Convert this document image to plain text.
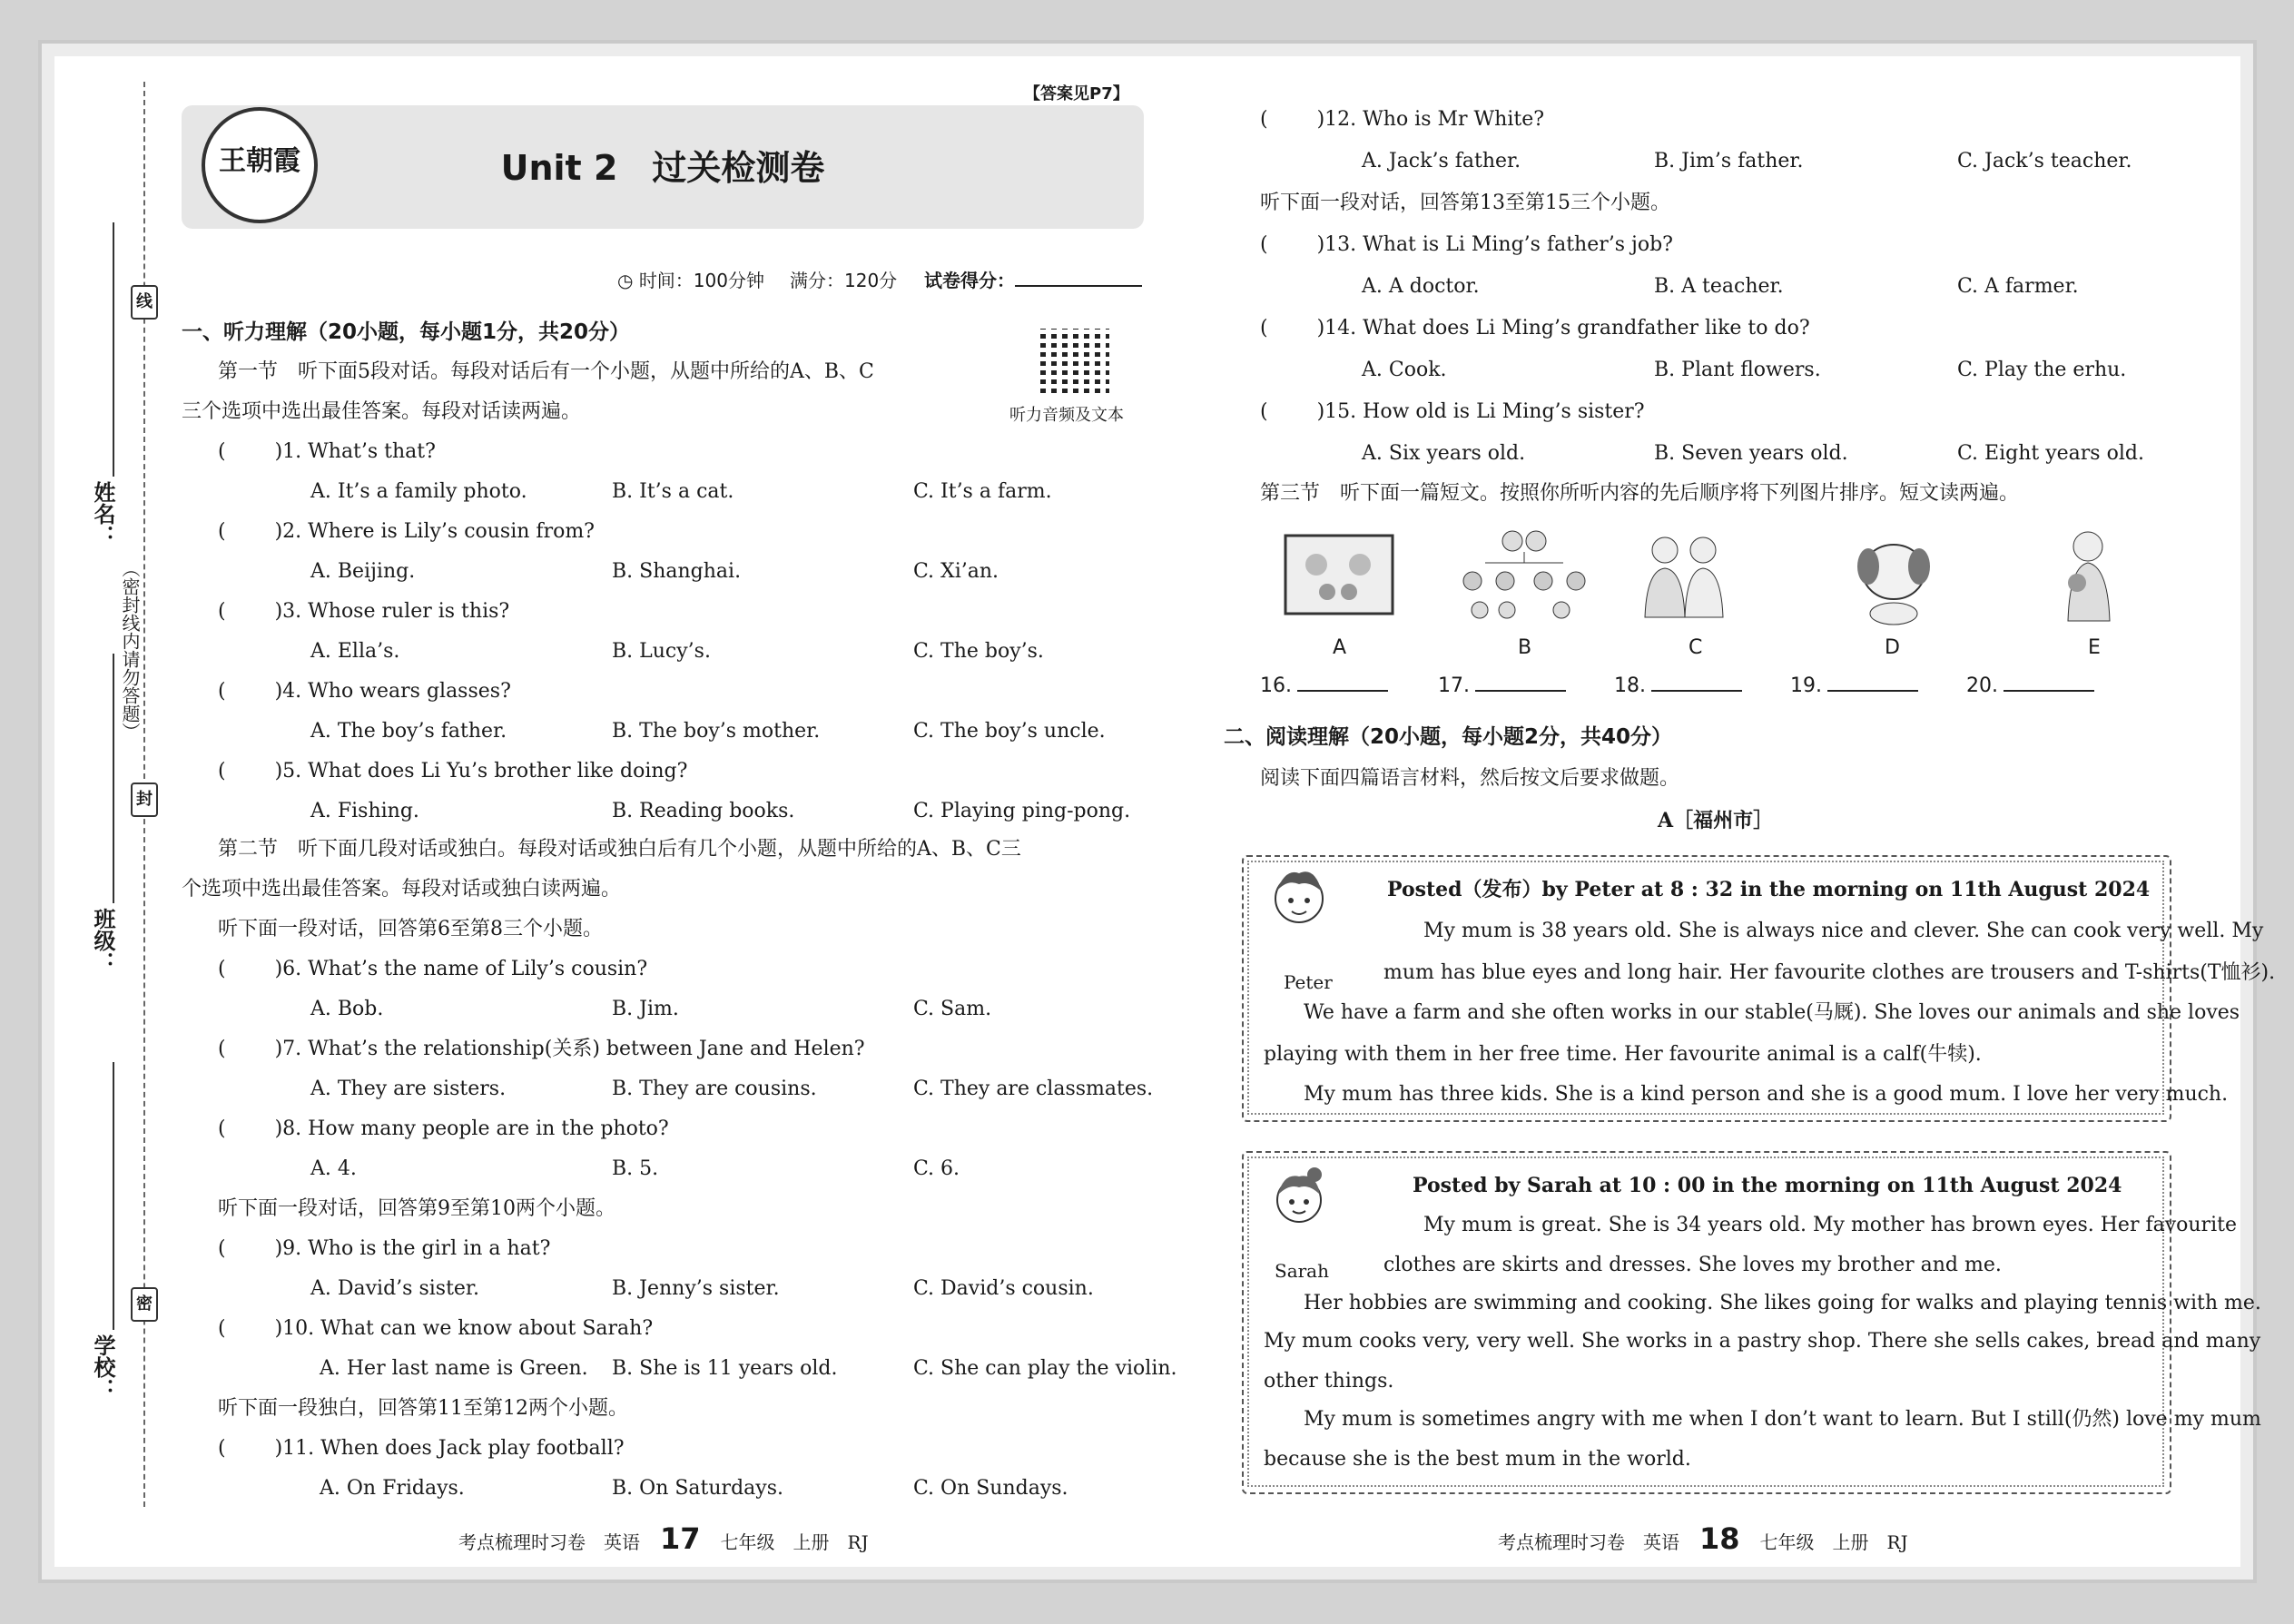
姓名：
班级：
学校：
线
封
密
（密封线内请勿答题）
【答案见P7】
Unit 2　过关检测卷
王朝霞
◷ 时间：100分钟 满分：120分 试卷得分：
一、听力理解（20小题，每小题1分，共20分）
听力音频及文本
第一节　听下面5段对话。每段对话后有一个小题，从题中所给的A、B、C
三个选项中选出最佳答案。每段对话读两遍。
( )1. What’s that?
A. It’s a family photo.	B. It’s a cat.	C. It’s a farm.
( )2. Where is Lily’s cousin from?
A. Beijing.	B. Shanghai.	C. Xi’an.
( )3. Whose ruler is this?
A. Ella’s.	B. Lucy’s.	C. The boy’s.
( )4. Who wears glasses?
A. The boy’s father.	B. The boy’s mother.	C. The boy’s uncle.
( )5. What does Li Yu’s brother like doing?
A. Fishing.	B. Reading books.	C. Playing ping-pong.
第二节　听下面几段对话或独白。每段对话或独白后有几个小题，从题中所给的A、B、C三
个选项中选出最佳答案。每段对话或独白读两遍。
听下面一段对话，回答第6至第8三个小题。
( )6. What’s the name of Lily’s cousin?
A. Bob.	B. Jim.	C. Sam.
( )7. What’s the relationship(关系) between Jane and Helen?
A. They are sisters.	B. They are cousins.	C. They are classmates.
( )8. How many people are in the photo?
A. 4.	B. 5.	C. 6.
听下面一段对话，回答第9至第10两个小题。
( )9. Who is the girl in a hat?
A. David’s sister.	B. Jenny’s sister.	C. David’s cousin.
( )10. What can we know about Sarah?
A. Her last name is Green. B. She is 11 years old.	C. She can play the violin.
听下面一段独白，回答第11至第12两个小题。
( )11. When does Jack play football?
A. On Fridays.	B. On Saturdays.	C. On Sundays.
考点梳理时习卷　英语 17 七年级　上册　RJ
( )12. Who is Mr White?
A. Jack’s father.	B. Jim’s father.	C. Jack’s teacher.
听下面一段对话，回答第13至第15三个小题。
( )13. What is Li Ming’s father’s job?
A. A doctor.	B. A teacher.	C. A farmer.
( )14. What does Li Ming’s grandfather like to do?
A. Cook.	B. Plant flowers.	C. Play the erhu.
( )15. How old is Li Ming’s sister?
A. Six years old.	B. Seven years old.	C. Eight years old.
第三节　听下面一篇短文。按照你所听内容的先后顺序将下列图片排序。短文读两遍。
A	B	C	D	E
16.	17.	18.	19.	20.
二、阅读理解（20小题，每小题2分，共40分）
阅读下面四篇语言材料，然后按文后要求做题。
A［福州市］
Peter
Posted（发布）by Peter at 8 : 32 in the morning on 11th August 2024
My mum is 38 years old. She is always nice and clever. She can cook very well. My
mum has blue eyes and long hair. Her favourite clothes are trousers and T-shirts(T恤衫).
We have a farm and she often works in our stable(马厩). She loves our animals and she loves
playing with them in her free time. Her favourite animal is a calf(牛犊).
My mum has three kids. She is a kind person and she is a good mum. I love her very much.
Sarah
Posted by Sarah at 10 : 00 in the morning on 11th August 2024
My mum is great. She is 34 years old. My mother has brown eyes. Her favourite
clothes are skirts and dresses. She loves my brother and me.
Her hobbies are swimming and cooking. She likes going for walks and playing tennis with me.
My mum cooks very, very well. She works in a pastry shop. There she sells cakes, bread and many
other things.
My mum is sometimes angry with me when I don’t want to learn. But I still(仍然) love my mum
because she is the best mum in the world.
考点梳理时习卷　英语 18 七年级　上册　RJ
